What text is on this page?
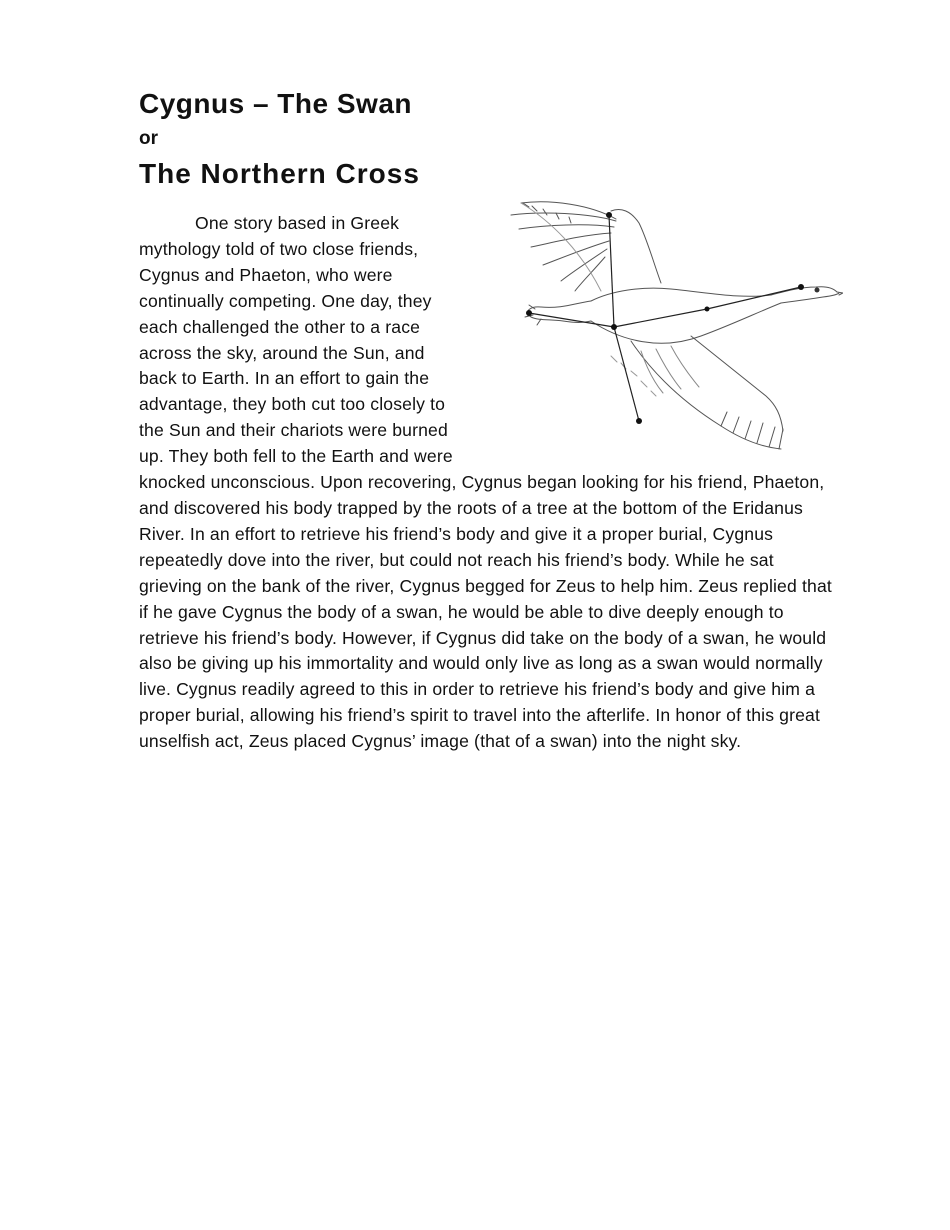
Cygnus – The Swan
or
The Northern Cross
One story based in Greek mythology told of two close friends, Cygnus and Phaeton, who were continually competing. One day, they each challenged the other to a race across the sky, around the Sun, and back to Earth. In an effort to gain the advantage, they both cut too closely to the Sun and their chariots were burned up. They both fell to the Earth and were knocked unconscious. Upon recovering, Cygnus began looking for his friend, Phaeton, and discovered his body trapped by the roots of a tree at the bottom of the Eridanus River. In an effort to retrieve his friend’s body and give it a proper burial, Cygnus repeatedly dove into the river, but could not reach his friend’s body. While he sat grieving on the bank of the river, Cygnus begged for Zeus to help him. Zeus replied that if he gave Cygnus the body of a swan, he would be able to dive deeply enough to retrieve his friend’s body. However, if Cygnus did take on the body of a swan, he would also be giving up his immortality and would only live as long as a swan would normally live. Cygnus readily agreed to this in order to retrieve his friend’s body and give him a proper burial, allowing his friend’s spirit to travel into the afterlife. In honor of this great unselfish act, Zeus placed Cygnus’ image (that of a swan) into the night sky.
